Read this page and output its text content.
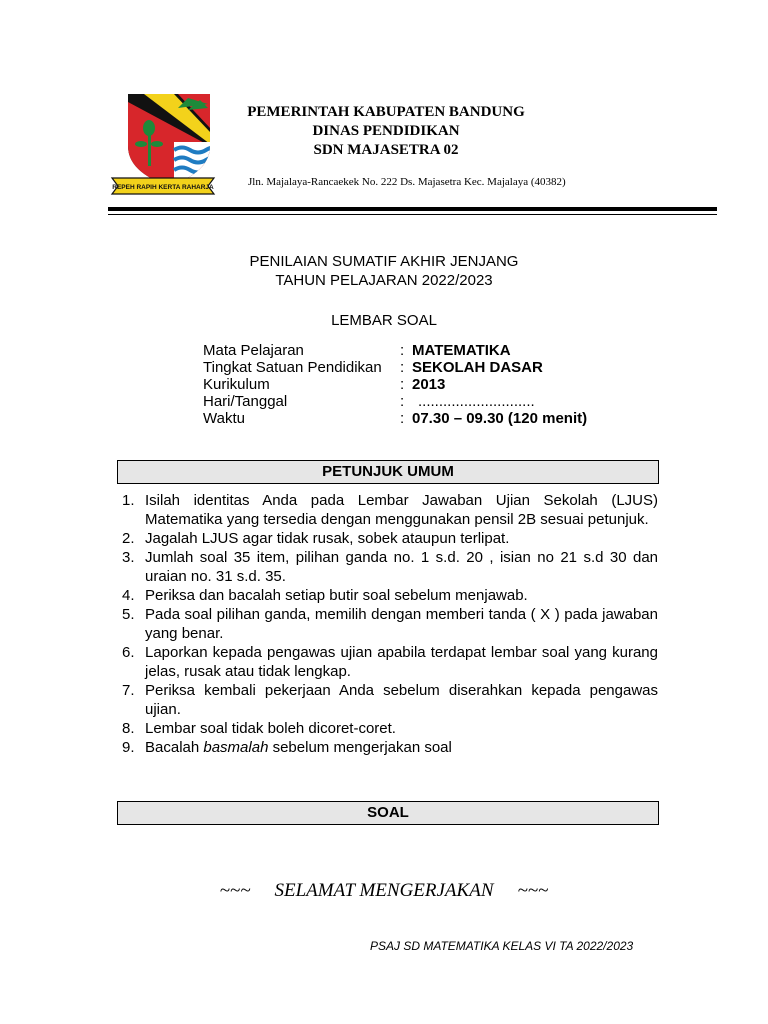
REPEH RAPIH KERTA RAHARJA
PEMERINTAH KABUPATEN BANDUNG
DINAS PENDIDIKAN
SDN MAJASETRA 02
Jln. Majalaya-Rancaekek No. 222 Ds. Majasetra Kec. Majalaya (40382)
PENILAIAN SUMATIF AKHIR JENJANG
TAHUN PELAJARAN 2022/2023
LEMBAR SOAL
Mata Pelajaran	: MATEMATIKA
Tingkat Satuan Pendidikan : SEKOLAH DASAR
Kurikulum	: 2013
Hari/Tanggal	: ............................
Waktu	: 07.30 – 09.30 (120 menit)
PETUNJUK UMUM
1. Isilah identitas Anda pada Lembar Jawaban Ujian Sekolah (LJUS) Matematika yang tersedia dengan menggunakan pensil 2B sesuai petunjuk.
2. Jagalah LJUS agar tidak rusak, sobek ataupun terlipat.
3. Jumlah soal 35 item, pilihan ganda no. 1 s.d. 20 , isian no 21 s.d 30 dan uraian no. 31 s.d. 35.
4. Periksa dan bacalah setiap butir soal sebelum menjawab.
5. Pada soal pilihan ganda, memilih dengan memberi tanda ( X ) pada jawaban yang benar.
6. Laporkan kepada pengawas ujian apabila terdapat lembar soal yang kurang jelas, rusak atau tidak lengkap.
7. Periksa kembali pekerjaan Anda sebelum diserahkan kepada pengawas ujian.
8. Lembar soal tidak boleh dicoret-coret.
9. Bacalah basmalah sebelum mengerjakan soal
SOAL
~~~ SELAMAT MENGERJAKAN ~~~
PSAJ SD MATEMATIKA KELAS VI TA 2022/2023
